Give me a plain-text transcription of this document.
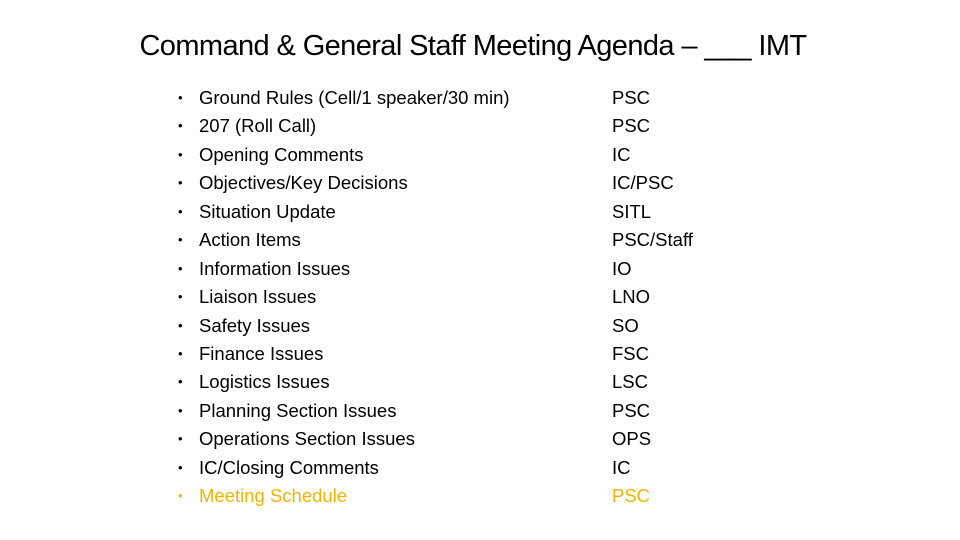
Command & General Staff Meeting Agenda – ___ IMT
• Ground Rules (Cell/1 speaker/30 min)	PSC
• 207 (Roll Call)	PSC
• Opening Comments	IC
• Objectives/Key Decisions	IC/PSC
• Situation Update	SITL
• Action Items	PSC/Staff
• Information Issues	IO
• Liaison Issues	LNO
• Safety Issues	SO
• Finance Issues	FSC
• Logistics Issues	LSC
• Planning Section Issues	PSC
• Operations Section Issues	OPS
• IC/Closing Comments	IC
• Meeting Schedule	PSC
